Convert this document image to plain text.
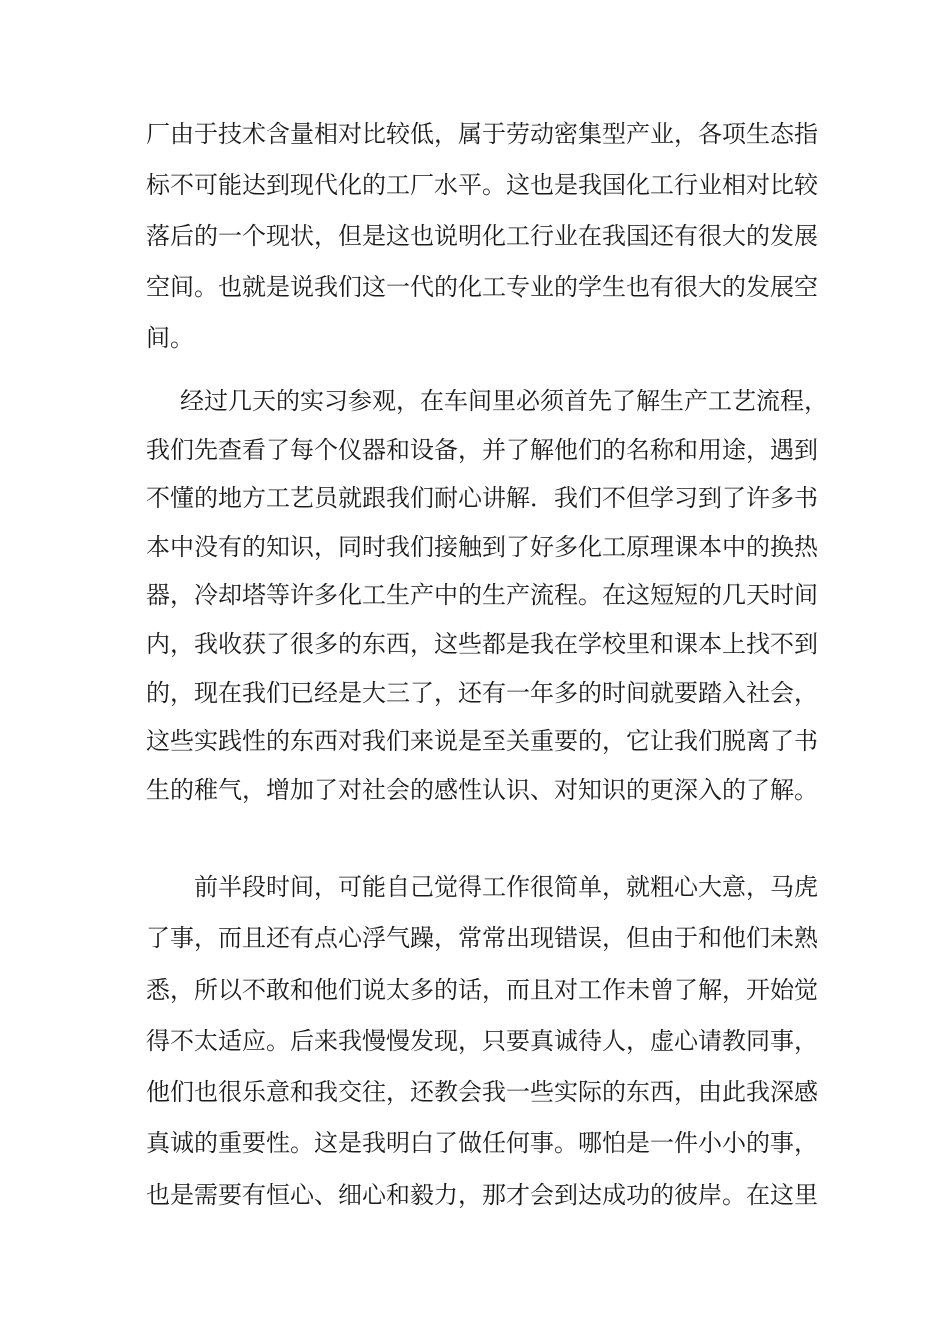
厂由于技术含量相对比较低，属于劳动密集型产业，各项生态指
标不可能达到现代化的工厂水平。这也是我国化工行业相对比较
落后的一个现状，但是这也说明化工行业在我国还有很大的发展
空间。也就是说我们这一代的化工专业的学生也有很大的发展空
间。
经过几天的实习参观，在车间里必须首先了解生产工艺流程，
我们先查看了每个仪器和设备，并了解他们的名称和用途，遇到
不懂的地方工艺员就跟我们耐心讲解．我们不但学习到了许多书
本中没有的知识，同时我们接触到了好多化工原理课本中的换热
器，冷却塔等许多化工生产中的生产流程。在这短短的几天时间
内，我收获了很多的东西，这些都是我在学校里和课本上找不到
的，现在我们已经是大三了，还有一年多的时间就要踏入社会，
这些实践性的东西对我们来说是至关重要的，它让我们脱离了书
生的稚气，增加了对社会的感性认识、对知识的更深入的了解。
前半段时间，可能自己觉得工作很简单，就粗心大意，马虎
了事，而且还有点心浮气躁，常常出现错误，但由于和他们未熟
悉，所以不敢和他们说太多的话，而且对工作未曾了解，开始觉
得不太适应。后来我慢慢发现，只要真诚待人，虚心请教同事，
他们也很乐意和我交往，还教会我一些实际的东西，由此我深感
真诚的重要性。这是我明白了做任何事。哪怕是一件小小的事，
也是需要有恒心、细心和毅力，那才会到达成功的彼岸。在这里
